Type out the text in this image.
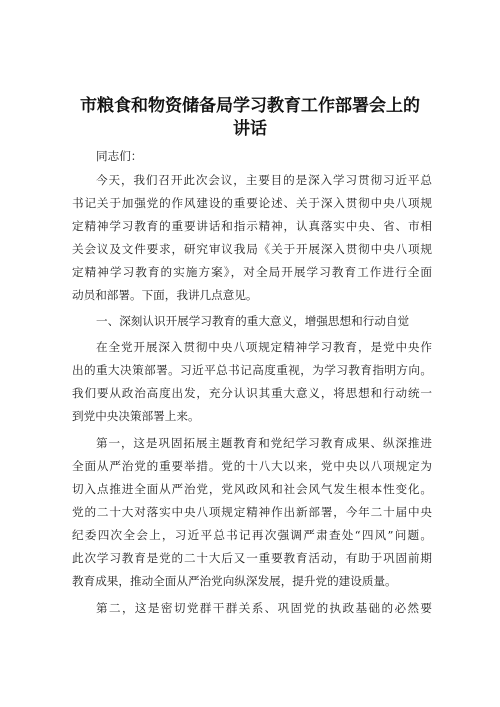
市粮食和物资储备局学习教育工作部署会上的
讲话
同志们：
今天，我们召开此次会议，主要目的是深入学习贯彻习近平总
书记关于加强党的作风建设的重要论述、关于深入贯彻中央八项规
定精神学习教育的重要讲话和指示精神，认真落实中央、省、市相
关会议及文件要求，研究审议我局《关于开展深入贯彻中央八项规
定精神学习教育的实施方案》，对全局开展学习教育工作进行全面
动员和部署。下面，我讲几点意见。
一、深刻认识开展学习教育的重大意义，增强思想和行动自觉
在全党开展深入贯彻中央八项规定精神学习教育，是党中央作
出的重大决策部署。习近平总书记高度重视，为学习教育指明方向。
我们要从政治高度出发，充分认识其重大意义，将思想和行动统一
到党中央决策部署上来。
第一，这是巩固拓展主题教育和党纪学习教育成果、纵深推进
全面从严治党的重要举措。党的十八大以来，党中央以八项规定为
切入点推进全面从严治党，党风政风和社会风气发生根本性变化。
党的二十大对落实中央八项规定精神作出新部署，今年二十届中央
纪委四次全会上，习近平总书记再次强调严肃查处“四风”问题。
此次学习教育是党的二十大后又一重要教育活动，有助于巩固前期
教育成果，推动全面从严治党向纵深发展，提升党的建设质量。
第二，这是密切党群干群关系、巩固党的执政基础的必然要
